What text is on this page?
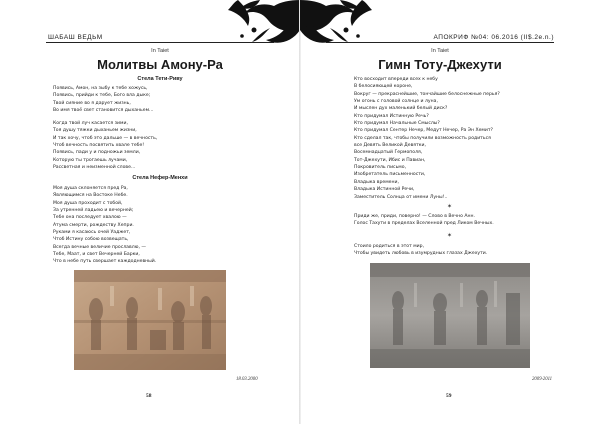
ШАБАШ ВЕДЬМ
In Taiet
Молитвы Амону-Ра
Стела Тети-Риву
Появись, Амон, на зыбу к тебе хожусь,
Появись, прийди к тебе, Бого вла дыке;
Твой сияние во я дарует жизнь,
Во имя твоё свет становится дыханьем...
Когда твой луч касается зими,
Тоя душу тяжки дыханьем жизни,
И так хочу, чтоб это дальше — в вечность,
Чтоб вечность посвятить хвале тебе!
Появись, пади у и подножьи земли,
Которую ты трогаешь лучами,
Рассветная и неизменной слове...
Стела Нефер-Менхи
Моя душа склоняется пред Ра,
Являющимся на Востоке Небе.
Моя душа проходит с тобой,
За утренней ладьею и вечерней;
Тебе она последует хвалою —
Атума смерти, рождеству Хепри.
Руками я касаюсь очей Уаджет,
Чтоб Истину собою возвещать,
Всегда вечные величие прославлю, —
Тебе, Маат, и свет Вечерней Барки,
Что в небе путь свершает каждодневный.
18.03.2000
58
АПОКРИФ №04: 06.2016 (II$.2e.n.)
In Taiet
Гимн Тоту-Джехути
Кто восходит впереди всех к небу
В белосияющей короне,
Вокруг — прекраснейшие, тончайшие белоснежные перья?
Ум огонь с головой солнце и луна,
И мыслен дух маленький белый диск?
Кто придумал Истинную Речь?
Кто придумал Начальные Смыслы?
Кто придумал Сентер Нечер, Медут Нечер, Ра Эн Хемит?
Кто сделал так, чтобы получили возможность родиться
все Девять Великой Девятки,
Восемнадцатый Гермополя,
Тот-Джехути, Ибис и Павиан,
Покровитель письмо,
Изобретатель письменности,
Владыка времени,
Владыка Истинной Речи,
Заместитель Солнца от имени Луны!..
✶
Приди же, приди, поверно! — Слово в Вечно Анн.
Голос Тахути в пределах Вселенной пред Ликом Вечных.
✶
Стоило родиться в этот мир,
Чтобы увидеть любовь в изумрудных глазах Джехути.
2009·2011
59
